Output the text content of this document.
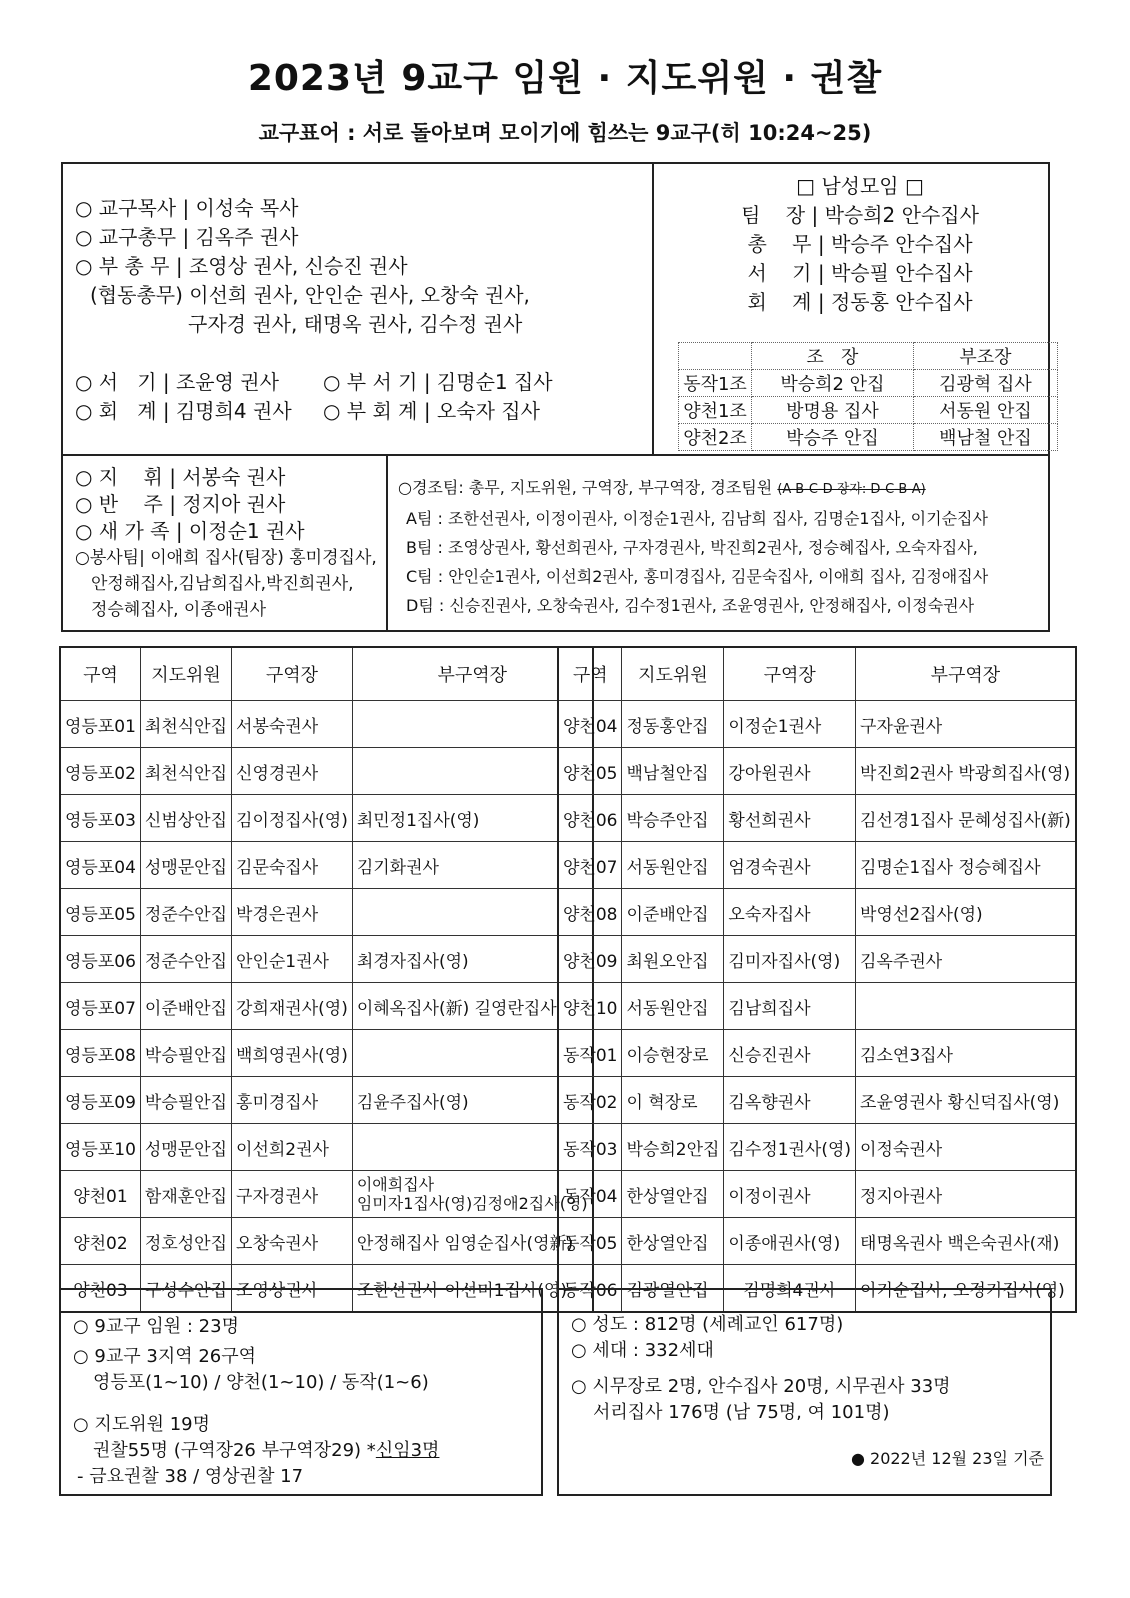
2023년 9교구 임원 · 지도위원 · 권찰
교구표어 : 서로 돌아보며 모이기에 힘쓰는 9교구(히 10:24~25)
○ 교구목사 | 이성숙 목사
○ 교구총무 | 김옥주 권사
○ 부 총 무 | 조영상 권사, 신승진 권사
(협동총무) 이선희 권사, 안인순 권사, 오창숙 권사,
구자경 권사, 태명옥 권사, 김수정 권사
○ 서   기 | 조윤영 권사 ○ 부 서 기 | 김명순1 집사
○ 회   계 | 김명희4 권사 ○ 부 회 계 | 오숙자 집사
□ 남성모임 □
팀    장 | 박승희2 안수집사
총    무 | 박승주 안수집사
서    기 | 박승필 안수집사
회    계 | 정동홍 안수집사
	조   장	부조장
동작1조	박승희2 안집	김광혁 집사
양천1조	방명용 집사	서동원 안집
양천2조	박승주 안집	백남철 안집
○ 지    휘 | 서봉숙 권사
○ 반    주 | 정지아 권사
○ 새 가 족 | 이정순1 권사
○봉사팀| 이애희 집사(팀장) 홍미경집사,
안정해집사,김남희집사,박진희권사,
정승혜집사, 이종애권사
○경조팀: 총무, 지도위원, 구역장, 부구역장, 경조팀원 (A-B-C-D 장자: D-C-B-A)
A팀 : 조한선권사, 이정이권사, 이정순1권사, 김남희 집사, 김명순1집사, 이기순집사
B팀 : 조영상권사, 황선희권사, 구자경권사, 박진희2권사, 정승혜집사, 오숙자집사,
C팀 : 안인순1권사, 이선희2권사, 홍미경집사, 김문숙집사, 이애희 집사, 김정애집사
D팀 : 신승진권사, 오창숙권사, 김수정1권사, 조윤영권사, 안정해집사, 이정숙권사
구역	지도위원	구역장	부구역장
영등포01	최천식안집	서봉숙권사	
영등포02	최천식안집	신영경권사	
영등포03	신범상안집	김이정집사(영)	최민정1집사(영)
영등포04	성맹문안집	김문숙집사	김기화권사
영등포05	정준수안집	박경은권사	
영등포06	정준수안집	안인순1권사	최경자집사(영)
영등포07	이준배안집	강희재권사(영)	이혜옥집사(新) 길영란집사
영등포08	박승필안집	백희영권사(영)	
영등포09	박승필안집	홍미경집사	김윤주집사(영)
영등포10	성맹문안집	이선희2권사	
양천01	함재훈안집	구자경권사	이애희집사
임미자1집사(영)김정애2집사(영)
양천02	정호성안집	오창숙권사	안정해집사 임영순집사(영新)
양천03	구성수안집	조영상권사	조한선권사 이선미1집사(영)
구역	지도위원	구역장	부구역장
양천04	정동홍안집	이정순1권사	구자윤권사
양천05	백남철안집	강아원권사	박진희2권사 박광희집사(영)
양천06	박승주안집	황선희권사	김선경1집사 문혜성집사(新)
양천07	서동원안집	엄경숙권사	김명순1집사 정승혜집사
양천08	이준배안집	오숙자집사	박영선2집사(영)
양천09	최원오안집	김미자집사(영)	김옥주권사
양천10	서동원안집	김남희집사	
동작01	이승현장로	신승진권사	김소연3집사
동작02	이 혁장로	김옥향권사	조윤영권사 황신덕집사(영)
동작03	박승희2안집	김수정1권사(영)	이정숙권사
동작04	한상열안집	이정이권사	정지아권사
동작05	한상열안집	이종애권사(영)	태명옥권사 백은숙권사(재)
동작06	김광열안집	김명희4권사	이기순집사, 오정기집사(영)
○ 9교구 임원 : 23명
○ 9교구 3지역 26구역
영등포(1~10) / 양천(1~10) / 동작(1~6)
○ 지도위원 19명
권찰55명 (구역장26 부구역장29) *신임3명
- 금요권찰 38 / 영상권찰 17
○ 성도 : 812명 (세례교인 617명)
○ 세대 : 332세대
○ 시무장로 2명, 안수집사 20명, 시무권사 33명
서리집사 176명 (남 75명, 여 101명)
● 2022년 12월 23일 기준
